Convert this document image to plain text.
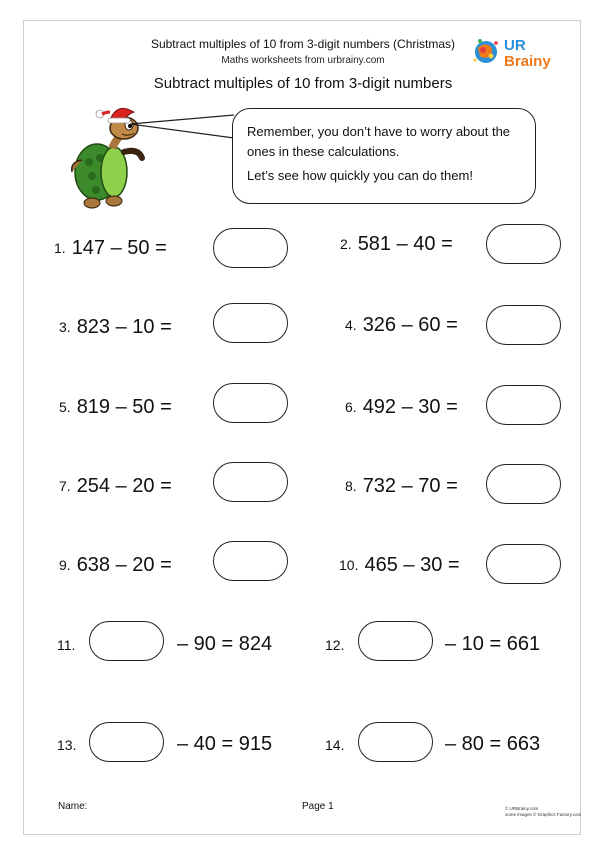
Subtract multiples of 10 from 3-digit numbers (Christmas)
Maths worksheets from urbrainy.com
UR
Brainy
Subtract multiples of 10 from 3-digit numbers
Remember, you don’t have to worry about the ones in these calculations.
Let’s see how quickly you can do them!
1. 147 – 50 =	2. 581 – 40 =
3. 823 – 10 =	4. 326 – 60 =
5. 819 – 50 =	6. 492 – 30 =
7. 254 – 20 =	8. 732 – 70 =
9. 638 – 20 =	10. 465 – 30 =
11.	– 90 = 824	12.	– 10 = 661
13.	– 40 = 915	14.	– 80 = 663
Name:	Page 1	© URBrainy.com
some images © Graphics Factory.com
